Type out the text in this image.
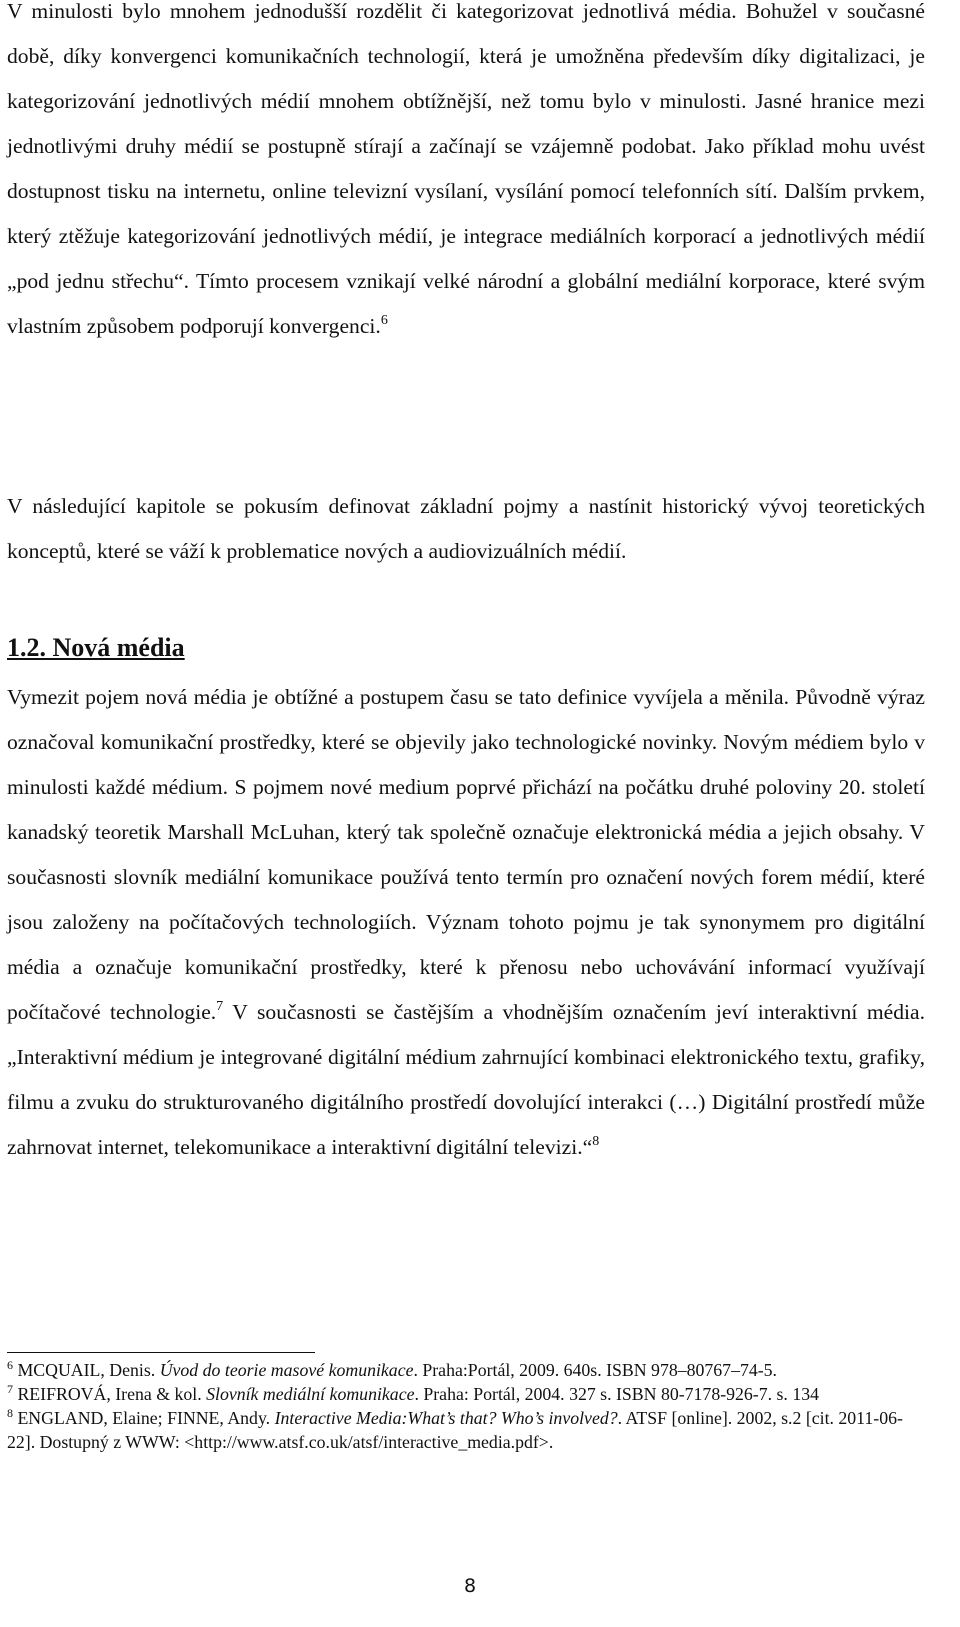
V minulosti bylo mnohem jednodušší rozdělit či kategorizovat jednotlivá média. Bohužel v současné době, díky konvergenci komunikačních technologií, která je umožněna především díky digitalizaci, je kategorizování jednotlivých médií mnohem obtížnější, než tomu bylo v minulosti. Jasné hranice mezi jednotlivými druhy médií se postupně stírají a začínají se vzájemně podobat. Jako příklad mohu uvést dostupnost tisku na internetu, online televizní vysílaní, vysílání pomocí telefonních sítí. Dalším prvkem, který ztěžuje kategorizování jednotlivých médií, je integrace mediálních korporací a jednotlivých médií „pod jednu střechu“. Tímto procesem vznikají velké národní a globální mediální korporace, které svým vlastním způsobem podporují konvergenci.$^6$

V následující kapitole se pokusím definovat základní pojmy a nastínit historický vývoj teoretických konceptů, které se váží k problematice nových a audiovizuálních médií.

1.2. Nová média

Vymezit pojem nová média je obtížné a postupem času se tato definice vyvíjela a měnila. Původně výraz označoval komunikační prostředky, které se objevily jako technologické novinky. Novým médiem bylo v minulosti každé médium. S pojmem nové medium poprvé přichází na počátku druhé poloviny 20. století kanadský teoretik Marshall McLuhan, který tak společně označuje elektronická média a jejich obsahy. V současnosti slovník mediální komunikace používá tento termín pro označení nových forem médií, které jsou založeny na počítačových technologiích. Význam tohoto pojmu je tak synonymem pro digitální média a označuje komunikační prostředky, které k přenosu nebo uchovávání informací využívají počítačové technologie.$^7$ V současnosti se častějším a vhodnějším označením jeví interaktivní média. „Interaktivní médium je integrované digitální médium zahrnující kombinaci elektronického textu, grafiky, filmu a zvuku do strukturovaného digitálního prostředí dovolující interakci (…) Digitální prostředí může zahrnovat internet, telekomunikace a interaktivní digitální televizi.“$^8$

$^6$ MCQUAIL, Denis. Úvod do teorie masové komunikace. Praha:Portál, 2009. 640s. ISBN 978–80767–74-5.

$^7$ REIFROVÁ, Irena & kol. Slovník mediální komunikace. Praha: Portál, 2004. 327 s. ISBN 80-7178-926-7. s. 134

$^8$ ENGLAND, Elaine; FINNE, Andy. Interactive Media:What’s that? Who’s involved?. ATSF [online]. 2002, s.2 [cit. 2011-06-22]. Dostupný z WWW: <http://www.atsf.co.uk/atsf/interactive_media.pdf>.

8
